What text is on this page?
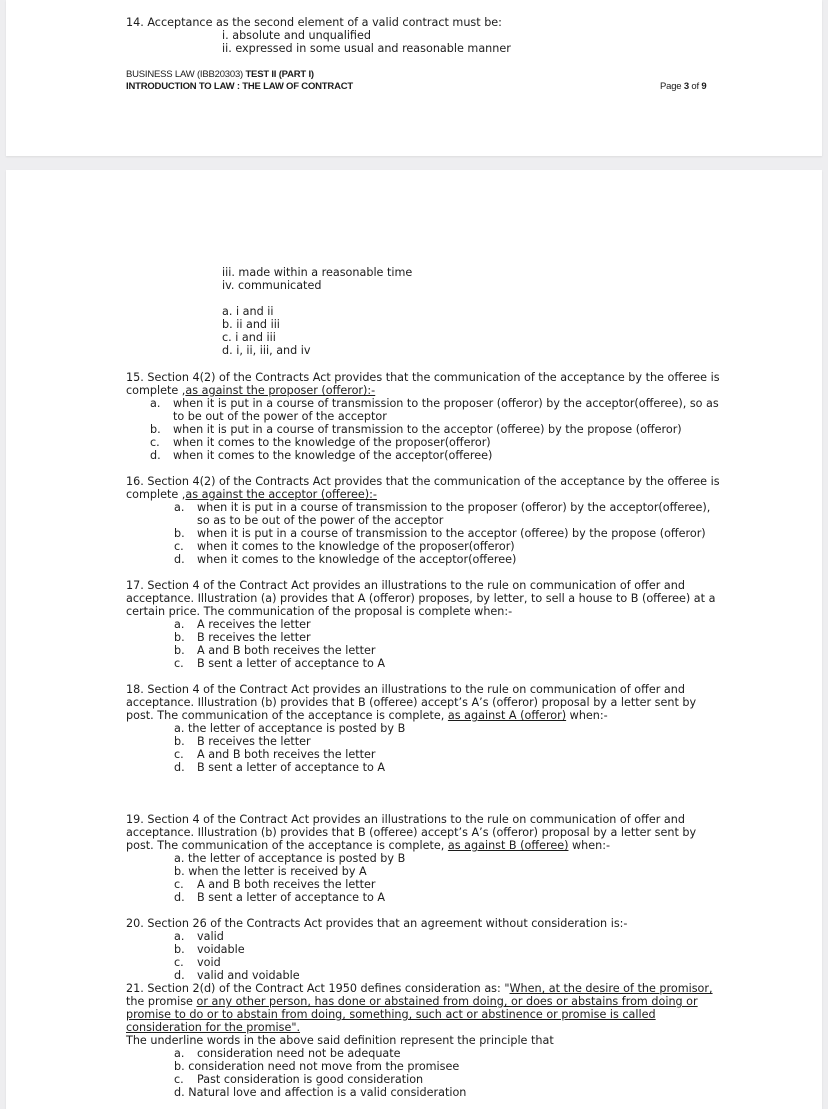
14. Acceptance as the second element of a valid contract must be:
i. absolute and unqualified
ii. expressed in some usual and reasonable manner
BUSINESS LAW (IBB20303) TEST II (PART I)
INTRODUCTION TO LAW : THE LAW OF CONTRACT	Page 3 of 9
iii. made within a reasonable time
iv. communicated
a. i and ii
b. ii and iii
c. i and iii
d. i, ii, iii, and iv
15. Section 4(2) of the Contracts Act provides that the communication of the acceptance by the offeree is
complete ,as against the proposer (offeror):-
a. when it is put in a course of transmission to the proposer (offeror) by the acceptor(offeree), so as
to be out of the power of the acceptor
b. when it is put in a course of transmission to the acceptor (offeree) by the propose (offeror)
c. when it comes to the knowledge of the proposer(offeror)
d. when it comes to the knowledge of the acceptor(offeree)
16. Section 4(2) of the Contracts Act provides that the communication of the acceptance by the offeree is
complete ,as against the acceptor (offeree):-
a. when it is put in a course of transmission to the proposer (offeror) by the acceptor(offeree),
so as to be out of the power of the acceptor
b. when it is put in a course of transmission to the acceptor (offeree) by the propose (offeror)
c. when it comes to the knowledge of the proposer(offeror)
d. when it comes to the knowledge of the acceptor(offeree)
17. Section 4 of the Contract Act provides an illustrations to the rule on communication of offer and
acceptance. Illustration (a) provides that A (offeror) proposes, by letter, to sell a house to B (offeree) at a
certain price. The communication of the proposal is complete when:-
a. A receives the letter
b. B receives the letter
b. A and B both receives the letter
c. B sent a letter of acceptance to A
18. Section 4 of the Contract Act provides an illustrations to the rule on communication of offer and
acceptance. Illustration (b) provides that B (offeree) accept’s A’s (offeror) proposal by a letter sent by
post. The communication of the acceptance is complete, as against A (offeror) when:-
a. the letter of acceptance is posted by B
b. B receives the letter
c. A and B both receives the letter
d. B sent a letter of acceptance to A
19. Section 4 of the Contract Act provides an illustrations to the rule on communication of offer and
acceptance. Illustration (b) provides that B (offeree) accept’s A’s (offeror) proposal by a letter sent by
post. The communication of the acceptance is complete, as against B (offeree) when:-
a. the letter of acceptance is posted by B
b. when the letter is received by A
c. A and B both receives the letter
d. B sent a letter of acceptance to A
20. Section 26 of the Contracts Act provides that an agreement without consideration is:-
a. valid
b. voidable
c. void
d. valid and voidable
21. Section 2(d) of the Contract Act 1950 defines consideration as: "When, at the desire of the promisor,
the promise or any other person, has done or abstained from doing, or does or abstains from doing or
promise to do or to abstain from doing, something, such act or abstinence or promise is called
consideration for the promise".
The underline words in the above said definition represent the principle that
a. consideration need not be adequate
b. consideration need not move from the promisee
c. Past consideration is good consideration
d. Natural love and affection is a valid consideration
